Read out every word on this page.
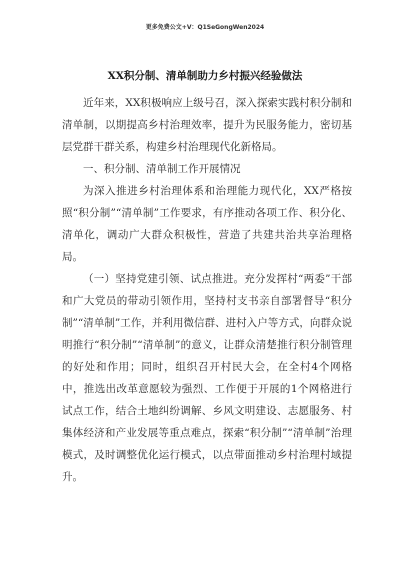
更多免费公文+V：Q1SeGongWen2024
XX积分制、清单制助力乡村振兴经验做法

近年来，XX积极响应上级号召，深入探索实践村积分制和清单制，以期提高乡村治理效率，提升为民服务能力，密切基层党群干群关系，构建乡村治理现代化新格局。

一、积分制、清单制工作开展情况

为深入推进乡村治理体系和治理能力现代化，XX严格按照“积分制”“清单制”工作要求，有序推动各项工作、积分化、清单化，调动广大群众积极性，营造了共建共治共享治理格局。

（一）坚持党建引领、试点推进。充分发挥村“两委”干部和广大党员的带动引领作用，坚持村支书亲自部署督导“积分制”“清单制”工作，并利用微信群、进村入户等方式，向群众说明推行“积分制”“清单制”的意义，让群众清楚推行积分制管理的好处和作用；同时，组织召开村民大会，在全村4个网格中，推选出改革意愿较为强烈、工作便于开展的1个网格进行试点工作，结合土地纠纷调解、乡风文明建设、志愿服务、村集体经济和产业发展等重点难点，探索“积分制”“清单制”治理模式，及时调整优化运行模式，以点带面推动乡村治理村域提升。
